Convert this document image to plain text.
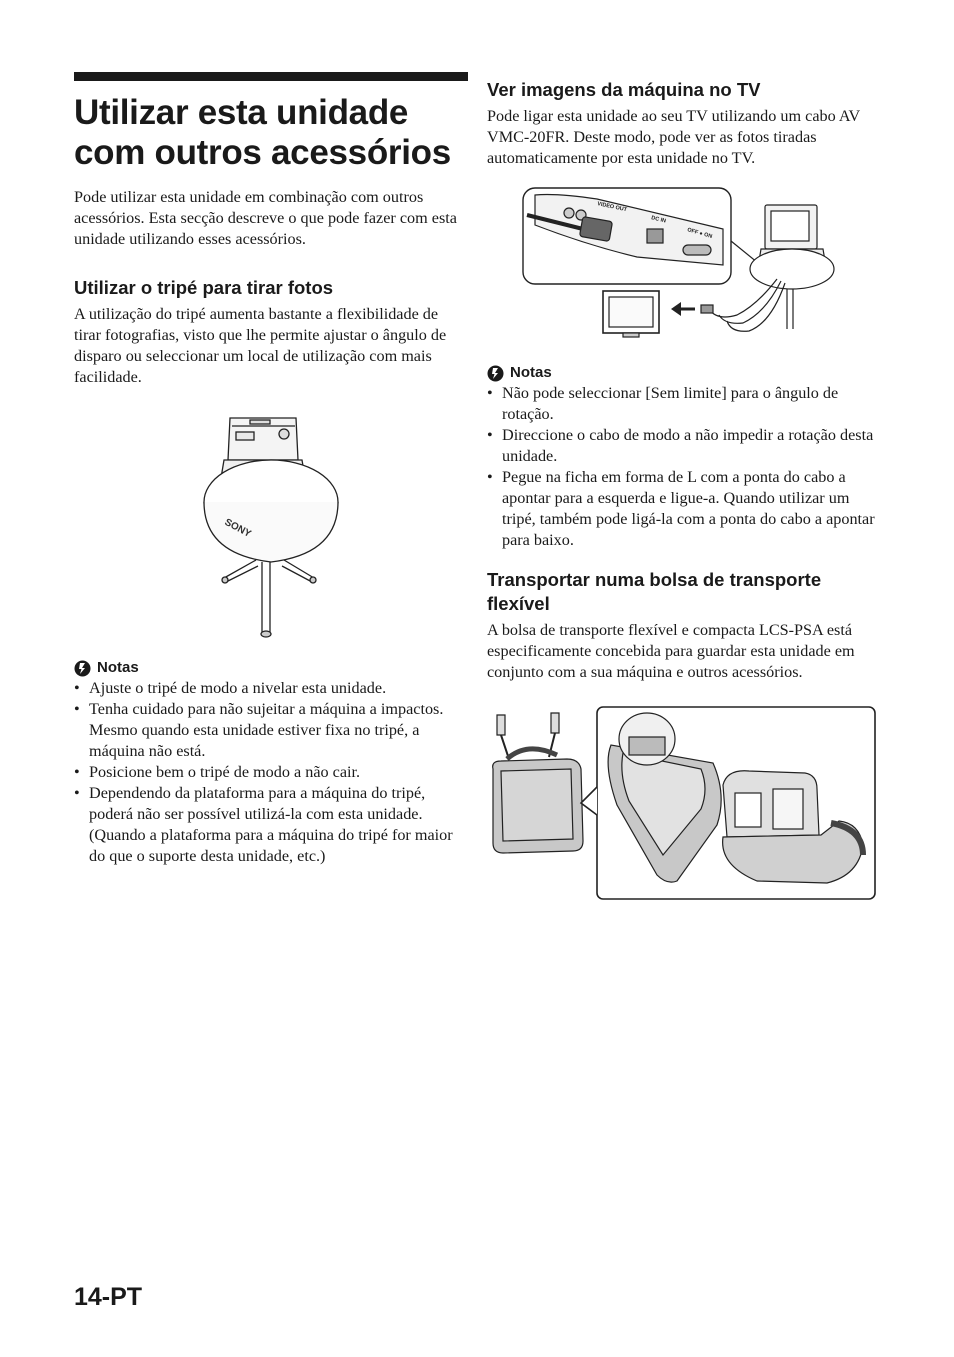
Utilizar esta unidade
com outros acessórios

Pode utilizar esta unidade em combinação com outros acessórios. Esta secção descreve o que pode fazer com esta unidade utilizando esses acessórios.

Utilizar o tripé para tirar fotos

A utilização do tripé aumenta bastante a flexibilidade de tirar fotografias, visto que lhe permite ajustar o ângulo de disparo ou seleccionar um local de utilização com mais facilidade.

SONY
Notas
• Ajuste o tripé de modo a nivelar esta unidade.
• Tenha cuidado para não sujeitar a máquina a impactos.
Mesmo quando esta unidade estiver fixa no tripé, a máquina não está.
• Posicione bem o tripé de modo a não cair.
• Dependendo da plataforma para a máquina do tripé, poderá não ser possível utilizá-la com esta unidade. (Quando a plataforma para a máquina do tripé for maior do que o suporte desta unidade, etc.)
Ver imagens da máquina no TV

Pode ligar esta unidade ao seu TV utilizando um cabo AV VMC-20FR. Deste modo, pode ver as fotos tiradas automaticamente por esta unidade no TV.

VIDEO OUT
DC IN
OFF ● ON
Notas
• Não pode seleccionar [Sem limite] para o ângulo de rotação.
• Direccione o cabo de modo a não impedir a rotação desta unidade.
• Pegue na ficha em forma de L com a ponta do cabo a apontar para a esquerda e ligue-a. Quando utilizar um tripé, também pode ligá-la com a ponta do cabo a apontar para baixo.
Transportar numa bolsa de transporte flexível

A bolsa de transporte flexível e compacta LCS-PSA está especificamente concebida para guardar esta unidade em conjunto com a sua máquina e outros acessórios.

14-PT
